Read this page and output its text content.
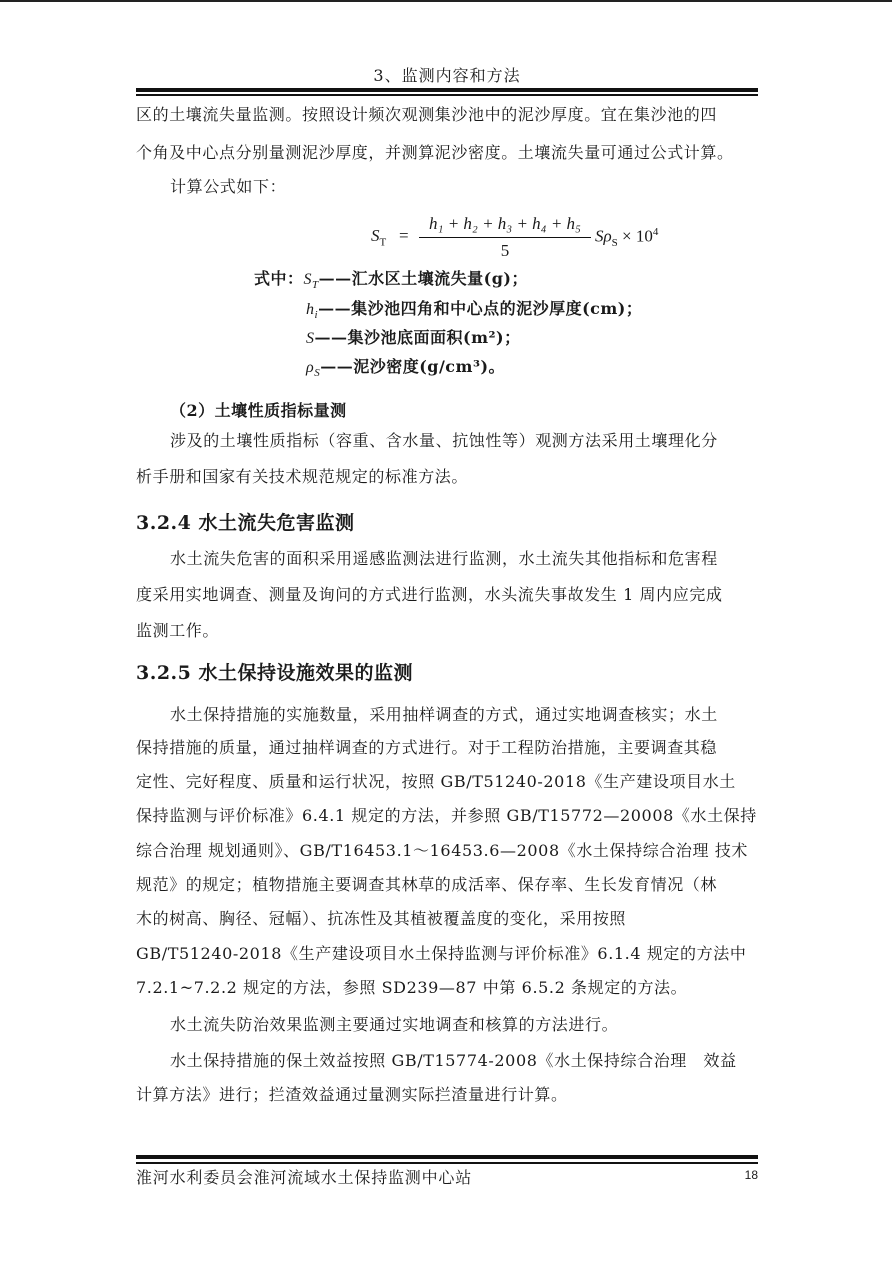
3、监测内容和方法
区的土壤流失量监测。按照设计频次观测集沙池中的泥沙厚度。宜在集沙池的四
个角及中心点分别量测泥沙厚度，并测算泥沙密度。土壤流失量可通过公式计算。
计算公式如下：
$S_T$ =
h₁ + h₂ + h₃ + h₄ + h₅
5
$S\rho_S \times 10^4$
式中：$S_T——$汇水区土壤流失量(g)；
$h_i——$集沙池四角和中心点的泥沙厚度(cm)；
S——集沙池底面面积(m²)；
$\rho_S——$泥沙密度(g/cm³)。
（2）土壤性质指标量测
涉及的土壤性质指标（容重、含水量、抗蚀性等）观测方法采用土壤理化分
析手册和国家有关技术规范规定的标准方法。
3.2.4 水土流失危害监测
水土流失危害的面积采用遥感监测法进行监测，水土流失其他指标和危害程
度采用实地调查、测量及询问的方式进行监测，水头流失事故发生 1 周内应完成
监测工作。
3.2.5 水土保持设施效果的监测
水土保持措施的实施数量，采用抽样调查的方式，通过实地调查核实；水土
保持措施的质量，通过抽样调查的方式进行。对于工程防治措施，主要调查其稳
定性、完好程度、质量和运行状况，按照 GB/T51240-2018《生产建设项目水土
保持监测与评价标准》6.4.1 规定的方法，并参照 GB/T15772—20008《水土保持
综合治理 规划通则》、GB/T16453.1～16453.6—2008《水土保持综合治理 技术
规范》的规定；植物措施主要调查其林草的成活率、保存率、生长发育情况（林
木的树高、胸径、冠幅）、抗冻性及其植被覆盖度的变化，采用按照
GB/T51240-2018《生产建设项目水土保持监测与评价标准》6.1.4 规定的方法中
7.2.1~7.2.2 规定的方法，参照 SD239—87 中第 6.5.2 条规定的方法。
水土流失防治效果监测主要通过实地调查和核算的方法进行。
水土保持措施的保土效益按照 GB/T15774-2008《水土保持综合治理　效益
计算方法》进行；拦渣效益通过量测实际拦渣量进行计算。
淮河水利委员会淮河流域水土保持监测中心站	18
